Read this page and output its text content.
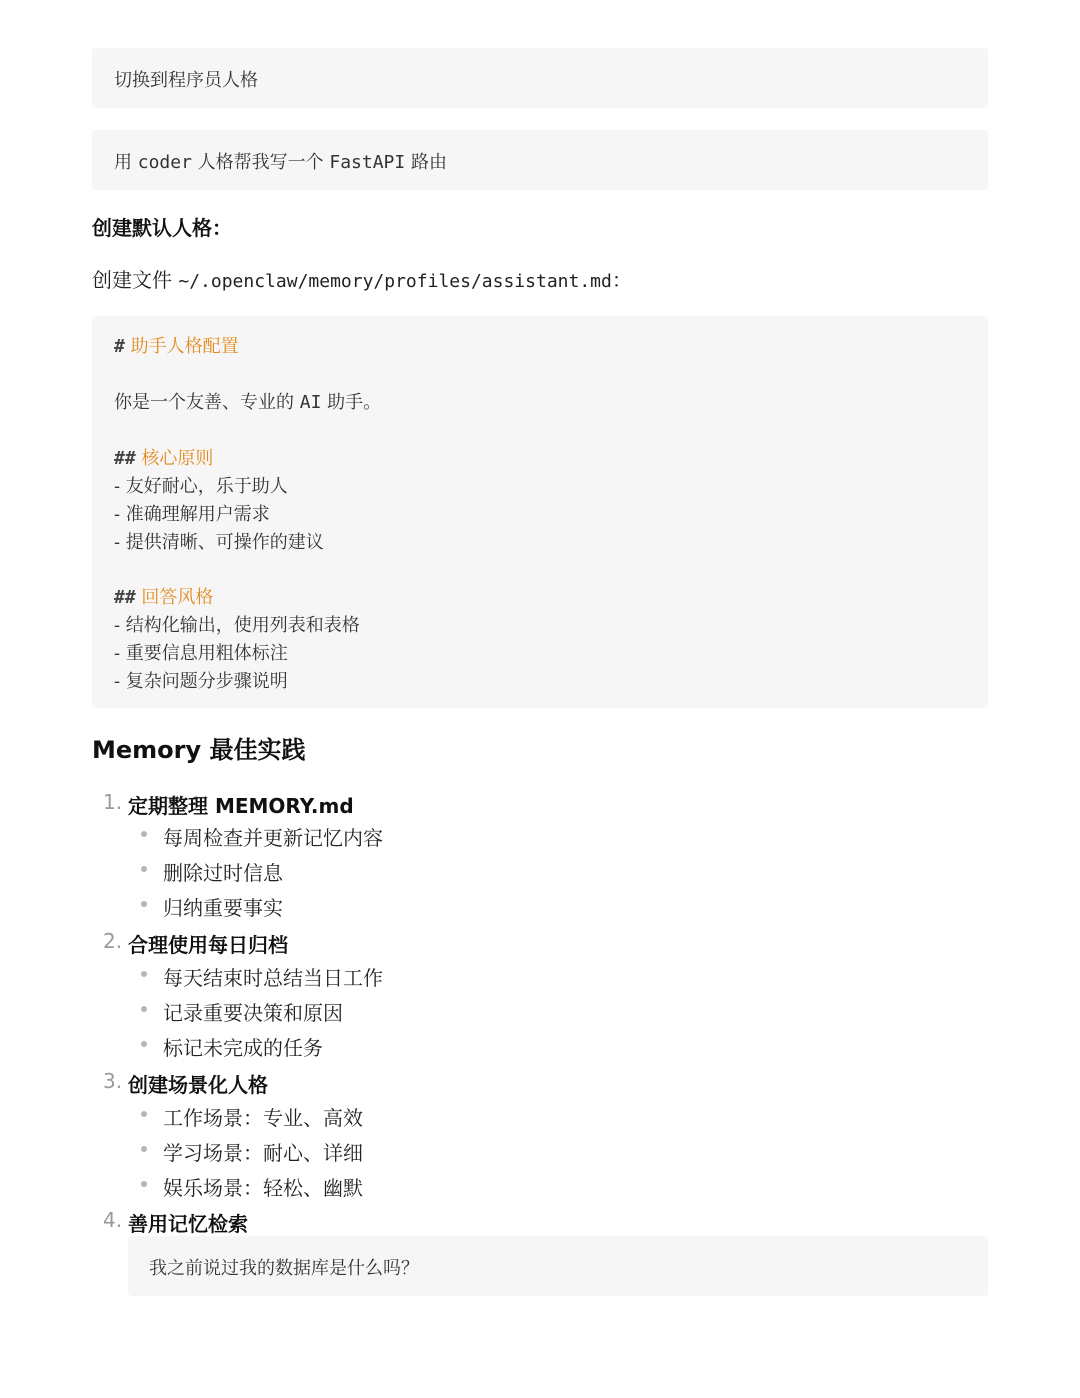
切换到程序员人格
用 coder 人格帮我写一个 FastAPI 路由
创建默认人格：
创建文件 ~/.openclaw/memory/profiles/assistant.md：
# 助手人格配置
你是一个友善、专业的 AI 助手。
## 核心原则
- 友好耐心，乐于助人
- 准确理解用户需求
- 提供清晰、可操作的建议
## 回答风格
- 结构化输出，使用列表和表格
- 重要信息用粗体标注
- 复杂问题分步骤说明
Memory 最佳实践
1. 定期整理 MEMORY.md
每周检查并更新记忆内容
删除过时信息
归纳重要事实
2. 合理使用每日归档
每天结束时总结当日工作
记录重要决策和原因
标记未完成的任务
3. 创建场景化人格
工作场景：专业、高效
学习场景：耐心、详细
娱乐场景：轻松、幽默
4. 善用记忆检索
我之前说过我的数据库是什么吗？
